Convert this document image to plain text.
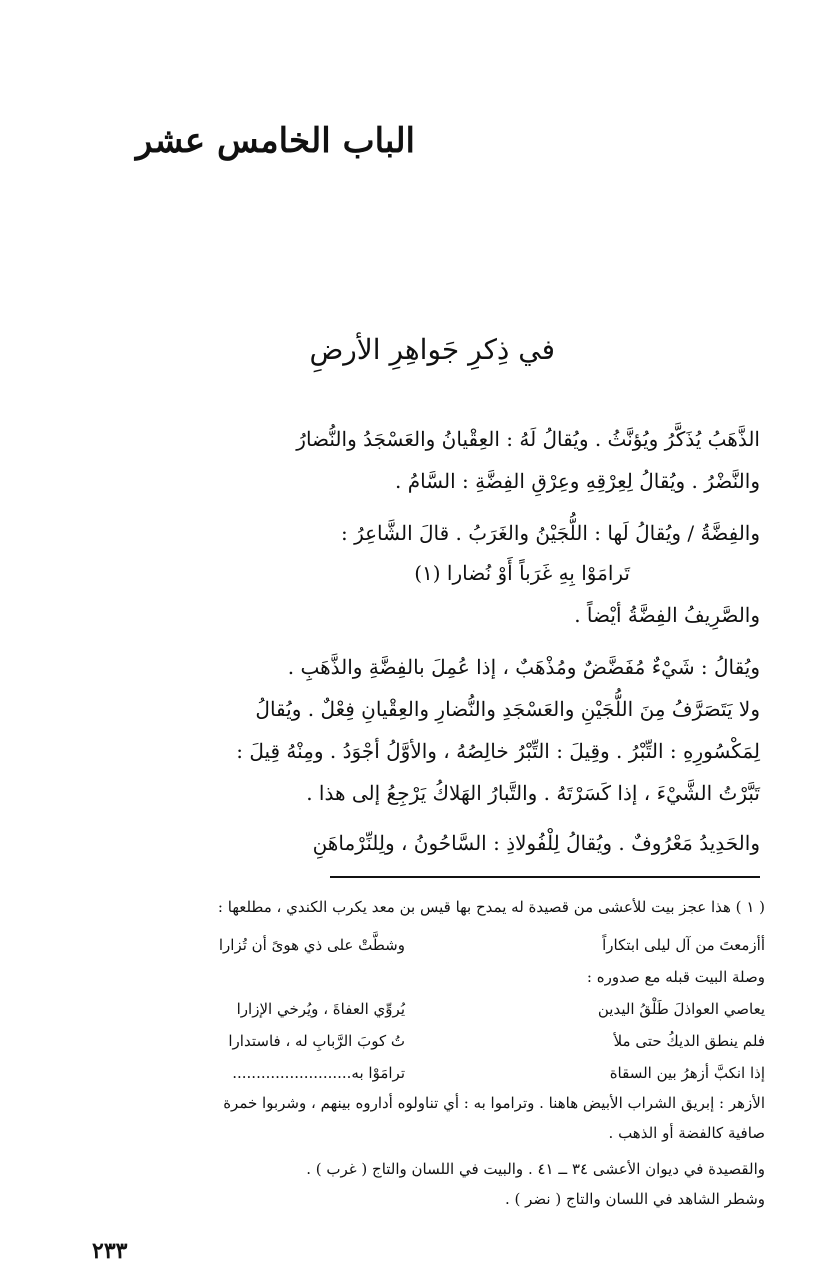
الباب الخامس عشر
في ذِكرِ جَواهِرِ الأرضِ
الذَّهَبُ يُذَكَّرُ ويُؤنَّثُ . ويُقالُ لَهُ : العِقْيانُ والعَسْجَدُ والنُّضارُ
والنَّضْرُ . ويُقالُ لِعِرْقِهِ وعِرْقِ الفِضَّةِ : السَّامُ .
والفِضَّةُ / ويُقالُ لَها : اللُّجَيْنُ والغَرَبُ . قالَ الشَّاعِرُ :
تَرامَوْا بِهِ غَرَباً أَوْ نُضارا (١)
والصَّرِيفُ الفِضَّةُ أيْضاً .
ويُقالُ : شَيْءٌ مُفَضَّضٌ ومُذْهَبٌ ، إذا عُمِلَ بالفِضَّةِ والذَّهَبِ .
ولا يَتَصَرَّفُ مِنَ اللُّجَيْنِ والعَسْجَدِ والنُّضارِ والعِقْيانِ فِعْلٌ . ويُقالُ
لِمَكْسُورِهِ : التِّبْرُ . وقِيلَ : التِّبْرُ خالِصُهُ ، والأوَّلُ أجْوَدُ . ومِنْهُ قِيلَ :
تَبَّرْتُ الشَّيْءَ ، إذا كَسَرْتَهُ . والتَّبارُ الهَلاكُ يَرْجِعُ إلى هذا .
والحَدِيدُ مَعْرُوفٌ . ويُقالُ لِلْفُولاذِ : السَّاحُونُ ، ولِلنِّرْماهَنِ
( ١ ) هذا عجز بيت للأعشى من قصيدة له يمدح بها قيس بن معد يكرب الكندي ، مطلعها :
أأزمعتَ من آل ليلى ابتكاراً
وشطَّتْ على ذي هوىً أن تُزارا
وصلة البيت قبله مع صدوره :
يعاصي العواذلَ طَلْقُ اليدين
يُروِّي العفاةَ ، ويُرخي الإزارا
فلم ينطق الديكُ حتى ملأ
تُ كوبَ الرَّبابِ له ، فاستدارا
إذا انكبَّ أزهرُ بين السقاة
ترامَوْا به.........................
الأزهر : إبريق الشراب الأبيض هاهنا . وتراموا به : أي تناولوه أداروه بينهم ، وشربوا خمرة
صافية كالفضة أو الذهب .
والقصيدة في ديوان الأعشى ٣٤ ــ ٤١ . والبيت في اللسان والتاج ( غرب ) .
وشطر الشاهد في اللسان والتاج ( نضر ) .
٢٣٣
